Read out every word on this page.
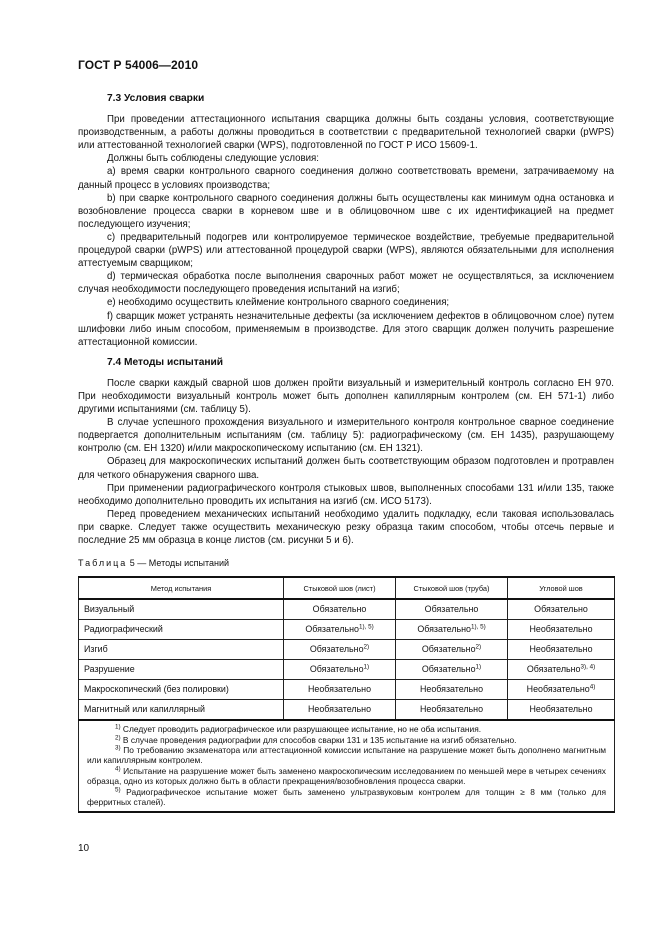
ГОСТ Р 54006—2010
7.3 Условия сварки

При проведении аттестационного испытания сварщика должны быть созданы условия, соответствующие производственным, а работы должны проводиться в соответствии с предварительной технологией сварки (pWPS) или аттестованной технологией сварки (WPS), подготовленной по ГОСТ Р ИСО 15609-1.

Должны быть соблюдены следующие условия:

а) время сварки контрольного сварного соединения должно соответствовать времени, затрачиваемому на данный процесс в условиях производства;

b) при сварке контрольного сварного соединения должны быть осуществлены как минимум одна остановка и возобновление процесса сварки в корневом шве и в облицовочном шве с их идентификацией на предмет последующего изучения;

c) предварительный подогрев или контролируемое термическое воздействие, требуемые предварительной процедурой сварки (pWPS) или аттестованной процедурой сварки (WPS), являются обязательными для исполнения аттестуемым сварщиком;

d) термическая обработка после выполнения сварочных работ может не осуществляться, за исключением случая необходимости последующего проведения испытаний на изгиб;

e) необходимо осуществить клеймение контрольного сварного соединения;

f) сварщик может устранять незначительные дефекты (за исключением дефектов в облицовочном слое) путем шлифовки либо иным способом, применяемым в производстве. Для этого сварщик должен получить разрешение аттестационной комиссии.

7.4 Методы испытаний

После сварки каждый сварной шов должен пройти визуальный и измерительный контроль согласно ЕН 970. При необходимости визуальный контроль может быть дополнен капиллярным контролем (см. ЕН 571-1) либо другими испытаниями (см. таблицу 5).

В случае успешного прохождения визуального и измерительного контроля контрольное сварное соединение подвергается дополнительным испытаниям (см. таблицу 5): радиографическому (см. ЕН 1435), разрушающему контролю (см. ЕН 1320) и/или макроскопическому испытанию (см. ЕН 1321).

Образец для макроскопических испытаний должен быть соответствующим образом подготовлен и протравлен для четкого обнаружения сварного шва.

При применении радиографического контроля стыковых швов, выполненных способами 131 и/или 135, также необходимо дополнительно проводить их испытания на изгиб (см. ИСО 5173).

Перед проведением механических испытаний необходимо удалить подкладку, если таковая использовалась при сварке. Следует также осуществить механическую резку образца таким способом, чтобы отсечь первые и последние 25 мм образца в конце листов (см. рисунки 5 и 6).

Таблица 5 — Методы испытаний
Метод испытания	Стыковой шов (лист)	Стыковой шов (труба)	Угловой шов
Визуальный	Обязательно	Обязательно	Обязательно
Радиографический	Обязательно$^{1), 5)}$	Обязательно$^{1), 5)}$	Необязательно
Изгиб	Обязательно$^{2)}$	Обязательно$^{2)}$	Необязательно
Разрушение	Обязательно$^{1)}$	Обязательно$^{1)}$	Обязательно$^{3), 4)}$
Макроскопический (без полировки)	Необязательно	Необязательно	Необязательно$^{4)}$
Магнитный или капиллярный	Необязательно	Необязательно	Необязательно

$^{1)}$ Следует проводить радиографическое или разрушающее испытание, но не оба испытания.
$^{2)}$ В случае проведения радиографии для способов сварки 131 и 135 испытание на изгиб обязательно.
$^{3)}$ По требованию экзаменатора или аттестационной комиссии испытание на разрушение может быть дополнено магнитным или капиллярным контролем.
$^{4)}$ Испытание на разрушение может быть заменено макроскопическим исследованием по меньшей мере в четырех сечениях образца, одно из которых должно быть в области прекращения/возобновления процесса сварки.
$^{5)}$ Радиографическое испытание может быть заменено ультразвуковым контролем для толщин ≥ 8 мм (только для ферритных сталей).			
10
